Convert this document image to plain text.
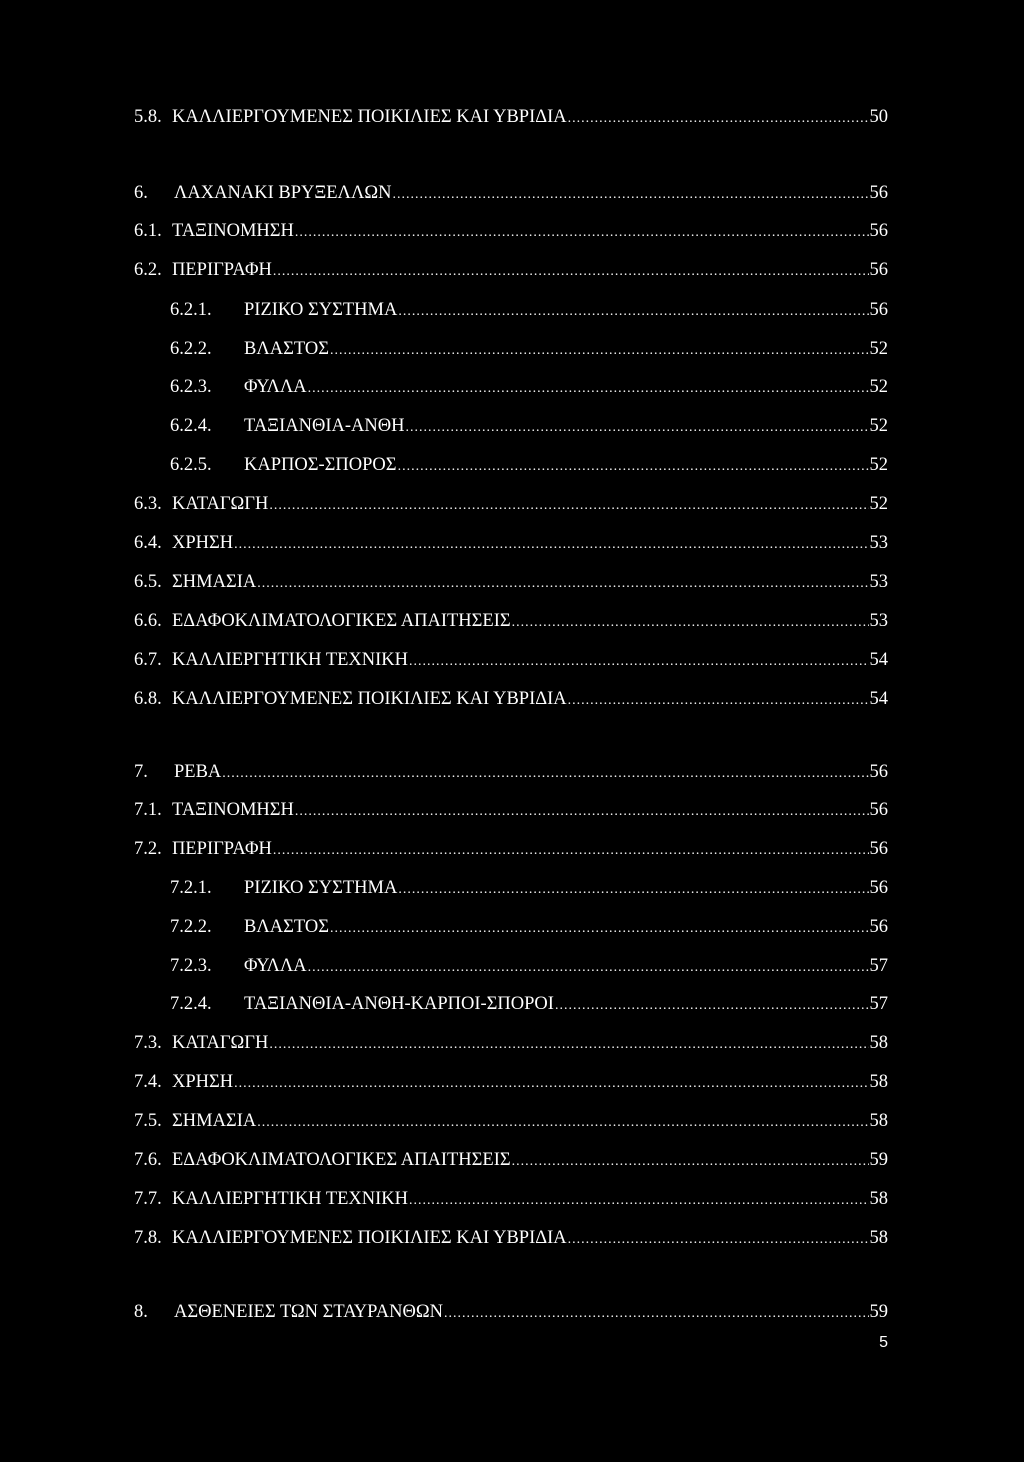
5.8. ΚΑΛΛΙΕΡΓΟΥΜΕΝΕΣ ΠΟΙΚΙΛΙΕΣ ΚΑΙ ΥΒΡΙΔΙΑ .....	50
6.	ΛΑΧΑΝΑΚΙ ΒΡΥΞΕΛΛΩΝ .....	56
6.1. ΤΑΞΙΝΟΜΗΣΗ .....	56
6.2. ΠΕΡΙΓΡΑΦΗ .....	56
6.2.1.	ΡΙΖΙΚΟ ΣΥΣΤΗΜΑ .....	56
6.2.2.	ΒΛΑΣΤΟΣ .....	52
6.2.3.	ΦΥΛΛΑ .....	52
6.2.4.	ΤΑΞΙΑΝΘΙΑ-ΑΝΘΗ .....	52
6.2.5.	ΚΑΡΠΟΣ-ΣΠΟΡΟΣ .....	52
6.3. ΚΑΤΑΓΩΓΗ .....	52
6.4. ΧΡΗΣΗ .....	53
6.5. ΣΗΜΑΣΙΑ .....	53
6.6. ΕΔΑΦΟΚΛΙΜΑΤΟΛΟΓΙΚΕΣ ΑΠΑΙΤΗΣΕΙΣ .....	53
6.7. ΚΑΛΛΙΕΡΓΗΤΙΚΗ ΤΕΧΝΙΚΗ .....	54
6.8. ΚΑΛΛΙΕΡΓΟΥΜΕΝΕΣ ΠΟΙΚΙΛΙΕΣ ΚΑΙ ΥΒΡΙΔΙΑ .....	54
7.	ΡΕΒΑ .....	56
7.1. ΤΑΞΙΝΟΜΗΣΗ .....	56
7.2. ΠΕΡΙΓΡΑΦΗ .....	56
7.2.1.	ΡΙΖΙΚΟ ΣΥΣΤΗΜΑ .....	56
7.2.2.	ΒΛΑΣΤΟΣ .....	56
7.2.3.	ΦΥΛΛΑ .....	57
7.2.4.	ΤΑΞΙΑΝΘΙΑ-ΑΝΘΗ-ΚΑΡΠΟΙ-ΣΠΟΡΟΙ .....	57
7.3. ΚΑΤΑΓΩΓΗ .....	58
7.4. ΧΡΗΣΗ .....	58
7.5. ΣΗΜΑΣΙΑ .....	58
7.6. ΕΔΑΦΟΚΛΙΜΑΤΟΛΟΓΙΚΕΣ ΑΠΑΙΤΗΣΕΙΣ .....	59
7.7. ΚΑΛΛΙΕΡΓΗΤΙΚΗ ΤΕΧΝΙΚΗ .....	58
7.8. ΚΑΛΛΙΕΡΓΟΥΜΕΝΕΣ ΠΟΙΚΙΛΙΕΣ ΚΑΙ ΥΒΡΙΔΙΑ .....	58
8.	ΑΣΘΕΝΕΙΕΣ ΤΩΝ ΣΤΑΥΡΑΝΘΩΝ .....	59
5
